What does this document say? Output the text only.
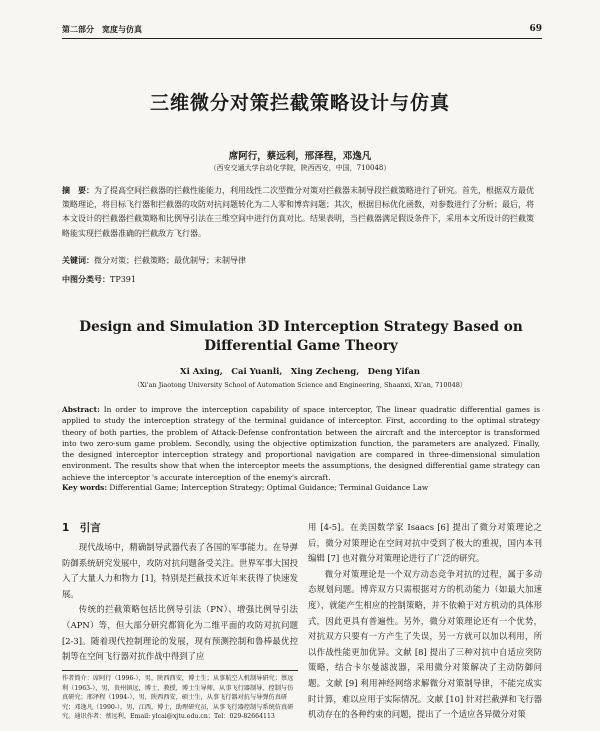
第二部分　宽度与仿真	69
三维微分对策拦截策略设计与仿真
席阿行，蔡远利，邢泽程，邓逸凡
（西安交通大学自动化学院，陕西西安，中国，710048）
摘　要：为了提高空间拦截器的拦截性能能力，利用线性二次型微分对策对拦截器末制导段拦截策略进行了研究。首先，根据双方最优策略理论，将目标飞行器和拦截器的攻防对抗问题转化为二人零和博弈问题；其次，根据目标优化函数，对参数进行了分析；最后，将本文设计的拦截器拦截策略和比例导引法在三维空间中进行仿真对比。结果表明，当拦截器满足假设条件下，采用本文所设计的拦截策略能实现拦截器准确的拦截敌方飞行器。
关键词：微分对策；拦截策略；最优制导；末制导律
中图分类号：TP391
Design and Simulation 3D Interception Strategy Based on Differential Game Theory
Xi Axing,　Cai Yuanli,　Xing Zecheng,　Deng Yifan
（Xi'an Jiaotong University School of Automation Science and Engineering, Shaanxi, Xi'an, 710048）
Abstract: In order to improve the interception capability of space interceptor, The linear quadratic differential games is applied to study the interception strategy of the terminal guidance of interceptor. First, according to the optimal strategy theory of both parties, the problem of Attack-Defense confrontation between the aircraft and the interceptor is transformed into two zero-sum game problem. Secondly, using the objective optimization function, the parameters are analyzed. Finally, the designed interceptor interception strategy and proportional navigation are compared in three-dimensional simulation environment. The results show that when the interceptor meets the assumptions, the designed differential game strategy can achieve the interceptor 's accurate interception of the enemy's aircraft.
Key words: Differential Game; Interception Strategy; Optimal Guidance; Terminal Guidance Law
1　引言

现代战场中，精确制导武器代表了各国的军事能力。在导弹防御系统研究发展中，攻防对抗问题备受关注。世界军事大国投入了大量人力和物力 [1]，特别是拦截技术近年来获得了快速发展。

传统的拦截策略包括比例导引法（PN）、增强比例导引法（APN）等，但大部分研究都简化为二维平面的攻防对抗问题 [2-3]。随着现代控制理论的发展，现有预测控制和鲁棒最优控制等在空间飞行器对抗作战中得到了应

用 [4-5]。在美国数学家 Isaacs [6] 提出了微分对策理论之后，微分对策理论在空间对抗中受到了极大的重视，国内本刊编辑 [7] 也对微分对策理论进行了广泛的研究。

微分对策理论是一个双方动态竞争对抗的过程，属于多动态规划问题。博弈双方只需根据对方的机动能力（如最大加速度），就能产生相应的控制策略，并不依赖于对方机动的具体形式，因此更具有普遍性。另外，微分对策理论还有一个优势，对抗双方只要有一方产生了失误，另一方就可以加以利用，所以作战性能更加优异。文献 [8] 提出了三种对抗中自适应突防策略，结合卡尔曼滤波器，采用微分对策解决了主动防御问题。文献 [9] 利用神经网络求解微分对策制导律，不能完成实时计算，难以应用于实际情况。文献 [10] 针对拦截弹和飞行器机动存在的各种约束的问题，提出了一个适应各异微分对策

作者简介：席阿行（1996-），男，陕西西安，博士生；从事航空人机制导研究；蔡远利（1963-），男，贵州镇远，博士，教授，博士生导师，从事飞行器制导、控制与仿真研究；邢泽程（1994-），男，陕西西安，硕士生，从事飞行器对抗与导弹仿真研究；邓逸凡（1990-），男，江西，博士，助理研究员，从事飞行器控制与系统仿真研究。通讯作者：蔡远利，Email: ylcai@xjtu.edu.cn；Tel：029-82664113
